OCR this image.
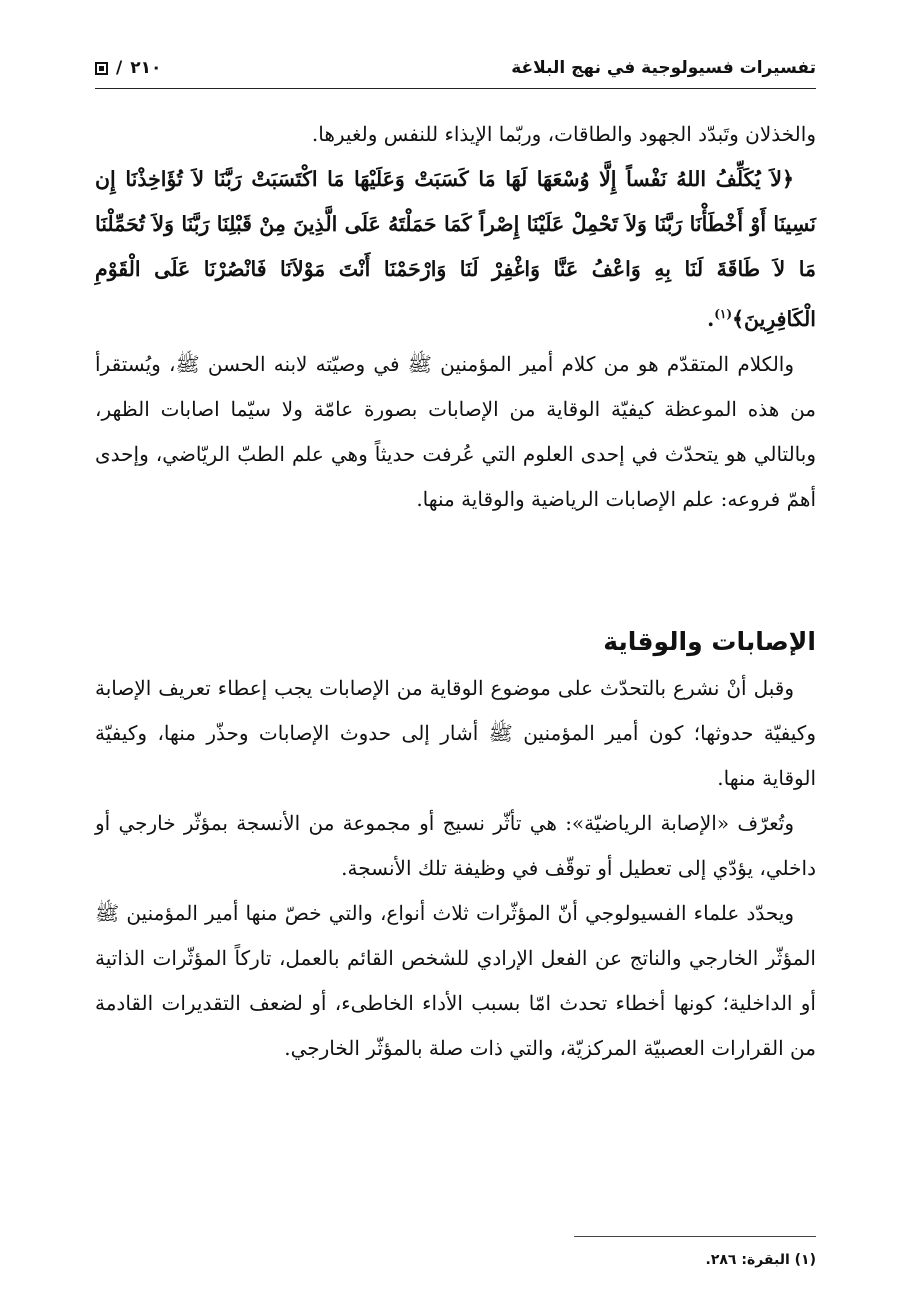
تفسيرات فسيولوجية في نهج البلاغة
/ ٢١٠

والخذلان وتَبدّد الجهود والطاقات، وربّما الإيذاء للنفس ولغيرها.

﴿لاَ يُكَلِّفُ اللهُ نَفْساً إِلَّا وُسْعَهَا لَهَا مَا كَسَبَتْ وَعَلَيْهَا مَا اكْتَسَبَتْ رَبَّنَا لاَ تُؤَاخِذْنَا إِن نَسِينَا أَوْ أَخْطَأْنَا رَبَّنَا وَلاَ تَحْمِلْ عَلَيْنَا إِصْراً كَمَا حَمَلْتَهُ عَلَى الَّذِينَ مِنْ قَبْلِنَا رَبَّنَا وَلاَ تُحَمِّلْنَا مَا لاَ طَاقَةَ لَنَا بِهِ وَاعْفُ عَنَّا وَاغْفِرْ لَنَا وَارْحَمْنَا أَنْتَ مَوْلاَنَا فَانْصُرْنَا عَلَى الْقَوْمِ الْكَافِرِينَ﴾$^{(١)}$.

والكلام المتقدّم هو من كلام أمير المؤمنين ﷺ في وصيّته لابنه الحسن ﷺ، ويُستقرأ من هذه الموعظة كيفيّة الوقاية من الإصابات بصورة عامّة ولا سيّما اصابات الظهر، وبالتالي هو يتحدّث في إحدى العلوم التي عُرفت حديثاً وهي علم الطبّ الريّاضي، وإحدى أهمّ فروعه: علم الإصابات الرياضية والوقاية منها.

الإصابات والوقاية

وقبل أنْ نشرع بالتحدّث على موضوع الوقاية من الإصابات يجب إعطاء تعريف الإصابة وكيفيّة حدوثها؛ كون أمير المؤمنين ﷺ أشار إلى حدوث الإصابات وحذّر منها، وكيفيّة الوقاية منها.

وتُعرّف «الإصابة الرياضيّة»: هي تأثّر نسيج أو مجموعة من الأنسجة بمؤثّر خارجي أو داخلي، يؤدّي إلى تعطيل أو توقّف في وظيفة تلك الأنسجة.

ويحدّد علماء الفسيولوجي أنّ المؤثّرات ثلاث أنواع، والتي خصّ منها أمير المؤمنين ﷺ المؤثّر الخارجي والناتج عن الفعل الإرادي للشخص القائم بالعمل، تاركاً المؤثّرات الذاتية أو الداخلية؛ كونها أخطاء تحدث امّا بسبب الأداء الخاطىء، أو لضعف التقديرات القادمة من القرارات العصبيّة المركزيّة، والتي ذات صلة بالمؤثّر الخارجي.

(١) البقرة: ٢٨٦.
